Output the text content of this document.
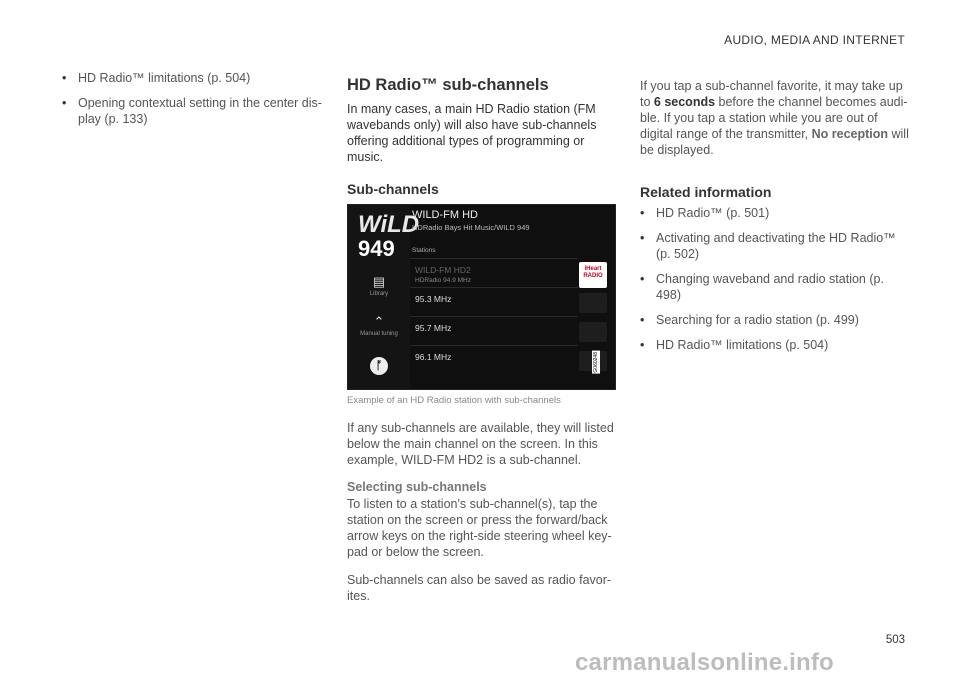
AUDIO, MEDIA AND INTERNET
• HD Radio™ limitations (p. 504)
• Opening contextual setting in the center dis-play (p. 133)
HD Radio™ sub-channels

In many cases, a main HD Radio station (FM wavebands only) will also have sub-channels offering additional types of programming or music.

Sub-channels
WiLD
949
▤
Library
⌃
Manual tuning
ᚩ
WILD-FM HD
HDRadio Bays Hit Music/WILD 949
Stations
WILD-FM HD2
HDRadio 94.9 MHz
95.3 MHz
95.7 MHz
96.1 MHz
iHeart
RADIO
G060248
Example of an HD Radio station with sub-channels

If any sub-channels are available, they will listed below the main channel on the screen. In this example, WILD-FM HD2 is a sub-channel.

Selecting sub-channels

To listen to a station's sub-channel(s), tap the station on the screen or press the forward/back arrow keys on the right-side steering wheel key-pad or below the screen.

Sub-channels can also be saved as radio favor-ites.

If you tap a sub-channel favorite, it may take up to 6 seconds before the channel becomes audi-ble. If you tap a station while you are out of digital range of the transmitter, No reception will be displayed.

Related information
• HD Radio™ (p. 501)
• Activating and deactivating the HD Radio™ (p. 502)
• Changing waveband and radio station (p. 498)
• Searching for a radio station (p. 499)
• HD Radio™ limitations (p. 504)
503
carmanualsonline.info
